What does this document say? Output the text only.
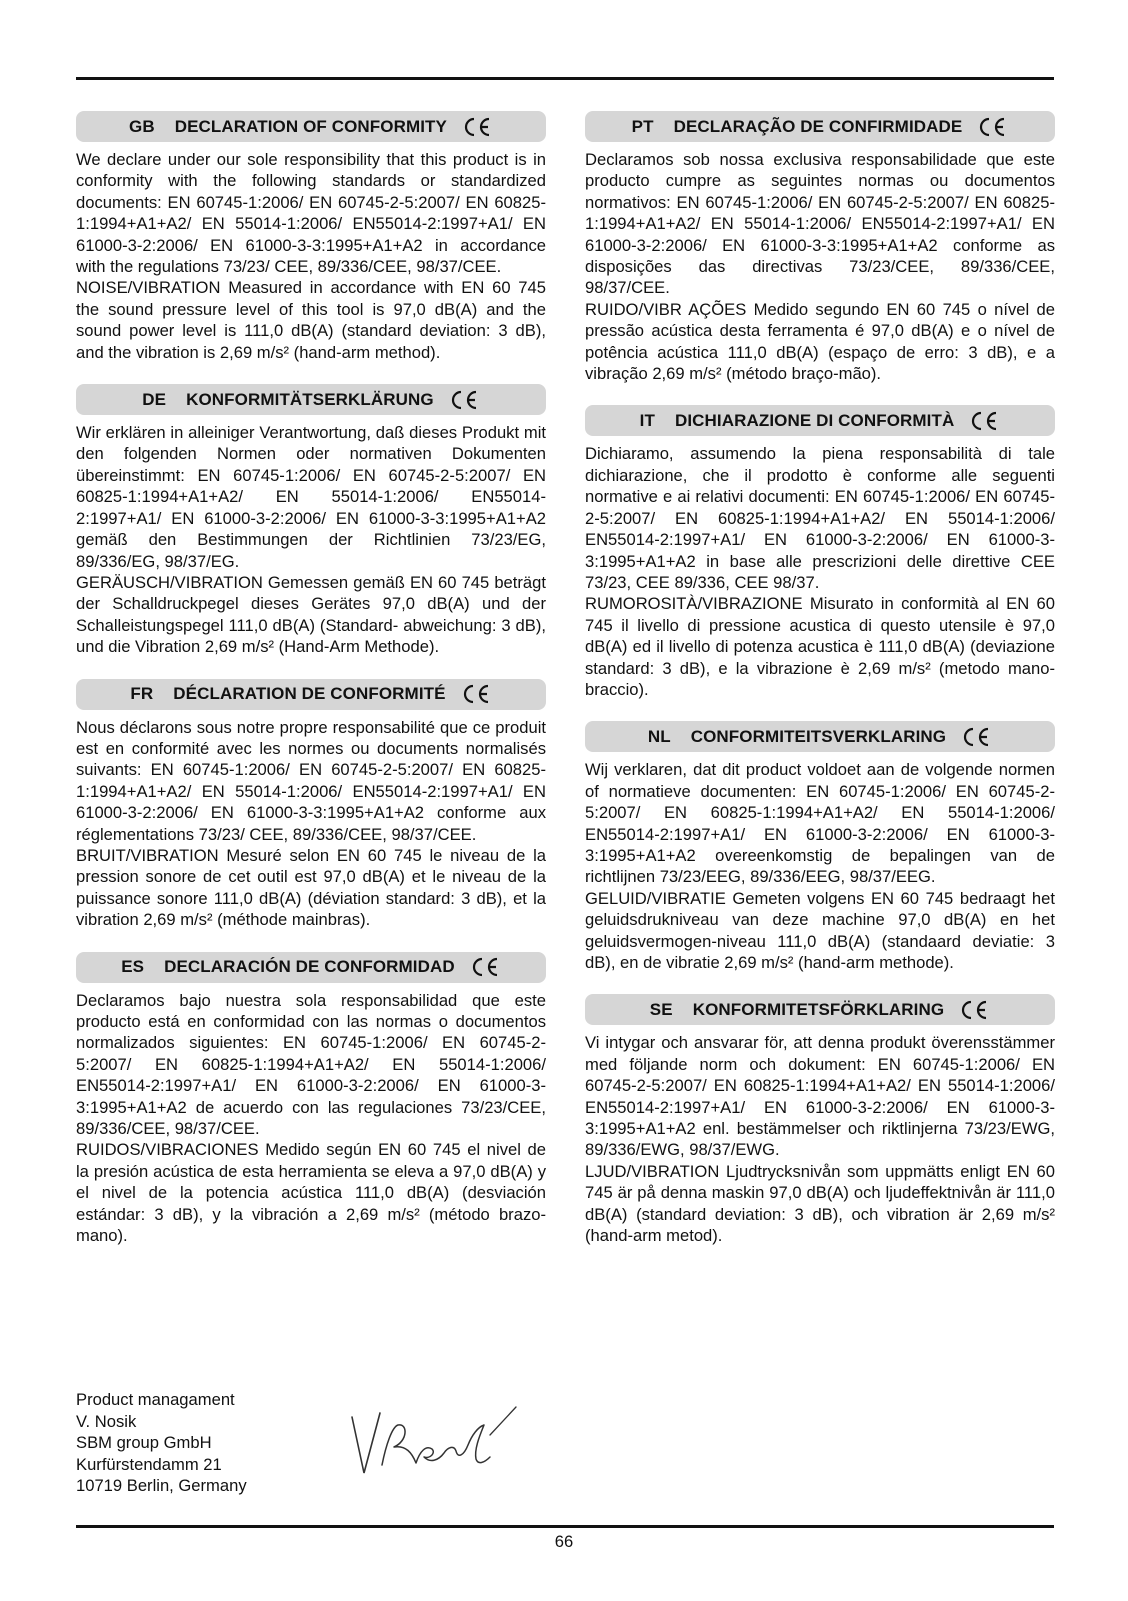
GB DECLARATION OF CONFORMITY

We declare under our sole responsibility that this product is in conformity with the following standards or standardized documents: EN 60745-1:2006/ EN 60745-2-5:2007/ EN 60825-1:1994+A1+A2/ EN 55014-1:2006/ EN55014-2:1997+A1/ EN 61000-3-2:2006/ EN 61000-3-3:1995+A1+A2 in accordance with the regulations 73/23/ CEE, 89/336/CEE, 98/37/CEE.

NOISE/VIBRATION Measured in accordance with EN 60 745 the sound pressure level of this tool is 97,0 dB(A) and the sound power level is 111,0 dB(A) (standard deviation: 3 dB), and the vibration is 2,69 m/s² (hand-arm method).

DE KONFORMITÄTSERKLÄRUNG

Wir erklären in alleiniger Verantwortung, daß dieses Produkt mit den folgenden Normen oder normativen Dokumenten übereinstimmt: EN 60745-1:2006/ EN 60745-2-5:2007/ EN 60825-1:1994+A1+A2/ EN 55014-1:2006/ EN55014-2:1997+A1/ EN 61000-3-2:2006/ EN 61000-3-3:1995+A1+A2 gemäß den Bestimmungen der Richtlinien 73/23/EG, 89/336/EG, 98/37/EG.

GERÄUSCH/VIBRATION Gemessen gemäß EN 60 745 beträgt der Schalldruckpegel dieses Gerätes 97,0 dB(A) und der Schalleistungspegel 111,0 dB(A) (Standard- abweichung: 3 dB), und die Vibration 2,69 m/s² (Hand-Arm Methode).

FR DÉCLARATION DE CONFORMITÉ

Nous déclarons sous notre propre responsabilité que ce produit est en conformité avec les normes ou documents normalisés suivants: EN 60745-1:2006/ EN 60745-2-5:2007/ EN 60825-1:1994+A1+A2/ EN 55014-1:2006/ EN55014-2:1997+A1/ EN 61000-3-2:2006/ EN 61000-3-3:1995+A1+A2 conforme aux réglementations 73/23/ CEE, 89/336/CEE, 98/37/CEE.

BRUIT/VIBRATION Mesuré selon EN 60 745 le niveau de la pression sonore de cet outil est 97,0 dB(A) et le niveau de la puissance sonore 111,0 dB(A) (déviation standard: 3 dB), et la vibration 2,69 m/s² (méthode mainbras).

ES DECLARACIÓN DE CONFORMIDAD

Declaramos bajo nuestra sola responsabilidad que este producto está en conformidad con las normas o documentos normalizados siguientes: EN 60745-1:2006/ EN 60745-2-5:2007/ EN 60825-1:1994+A1+A2/ EN 55014-1:2006/ EN55014-2:1997+A1/ EN 61000-3-2:2006/ EN 61000-3-3:1995+A1+A2 de acuerdo con las regulaciones 73/23/CEE, 89/336/CEE, 98/37/CEE.

RUIDOS/VIBRACIONES Medido según EN 60 745 el nivel de la presión acústica de esta herramienta se eleva a 97,0 dB(A) y el nivel de la potencia acústica 111,0 dB(A) (desviación estándar: 3 dB), y la vibración a 2,69 m/s² (método brazo-mano).

PT DECLARAÇÃO DE CONFIRMIDADE

Declaramos sob nossa exclusiva responsabilidade que este producto cumpre as seguintes normas ou documentos normativos: EN 60745-1:2006/ EN 60745-2-5:2007/ EN 60825-1:1994+A1+A2/ EN 55014-1:2006/ EN55014-2:1997+A1/ EN 61000-3-2:2006/ EN 61000-3-3:1995+A1+A2 conforme as disposições das directivas 73/23/CEE, 89/336/CEE, 98/37/CEE.

RUIDO/VIBR AÇÕES Medido segundo EN 60 745 o nível de pressão acústica desta ferramenta é 97,0 dB(A) e o nível de potência acústica 111,0 dB(A) (espaço de erro: 3 dB), e a vibração 2,69 m/s² (método braço-mão).

IT DICHIARAZIONE DI CONFORMITÀ

Dichiaramo, assumendo la piena responsabilità di tale dichiarazione, che il prodotto è conforme alle seguenti normative e ai relativi documenti: EN 60745-1:2006/ EN 60745-2-5:2007/ EN 60825-1:1994+A1+A2/ EN 55014-1:2006/ EN55014-2:1997+A1/ EN 61000-3-2:2006/ EN 61000-3-3:1995+A1+A2 in base alle prescrizioni delle direttive CEE 73/23, CEE 89/336, CEE 98/37.

RUMOROSITÀ/VIBRAZIONE Misurato in conformità al EN 60 745 il livello di pressione acustica di questo utensile è 97,0 dB(A) ed il livello di potenza acustica è 111,0 dB(A) (deviazione standard: 3 dB), e la vibrazione è 2,69 m/s² (metodo mano-braccio).

NL CONFORMITEITSVERKLARING

Wij verklaren, dat dit product voldoet aan de volgende normen of normatieve documenten: EN 60745-1:2006/ EN 60745-2-5:2007/ EN 60825-1:1994+A1+A2/ EN 55014-1:2006/ EN55014-2:1997+A1/ EN 61000-3-2:2006/ EN 61000-3-3:1995+A1+A2 overeenkomstig de bepalingen van de richtlijnen 73/23/EEG, 89/336/EEG, 98/37/EEG.

GELUID/VIBRATIE Gemeten volgens EN 60 745 bedraagt het geluidsdrukniveau van deze machine 97,0 dB(A) en het geluidsvermogen-niveau 111,0 dB(A) (standaard deviatie: 3 dB), en de vibratie 2,69 m/s² (hand-arm methode).

SE KONFORMITETSFÖRKLARING

Vi intygar och ansvarar för, att denna produkt överensstämmer med följande norm och dokument: EN 60745-1:2006/ EN 60745-2-5:2007/ EN 60825-1:1994+A1+A2/ EN 55014-1:2006/ EN55014-2:1997+A1/ EN 61000-3-2:2006/ EN 61000-3-3:1995+A1+A2 enl. bestämmelser och riktlinjerna 73/23/EWG, 89/336/EWG, 98/37/EWG.

LJUD/VIBRATION Ljudtrycksnivån som uppmätts enligt EN 60 745 är på denna maskin 97,0 dB(A) och ljudeffektnivån är 111,0 dB(A) (standard deviation: 3 dB), och vibration är 2,69 m/s² (hand-arm metod).

Product managament
V. Nosik
SBM group GmbH
Kurfürstendamm 21
10719 Berlin, Germany
66
